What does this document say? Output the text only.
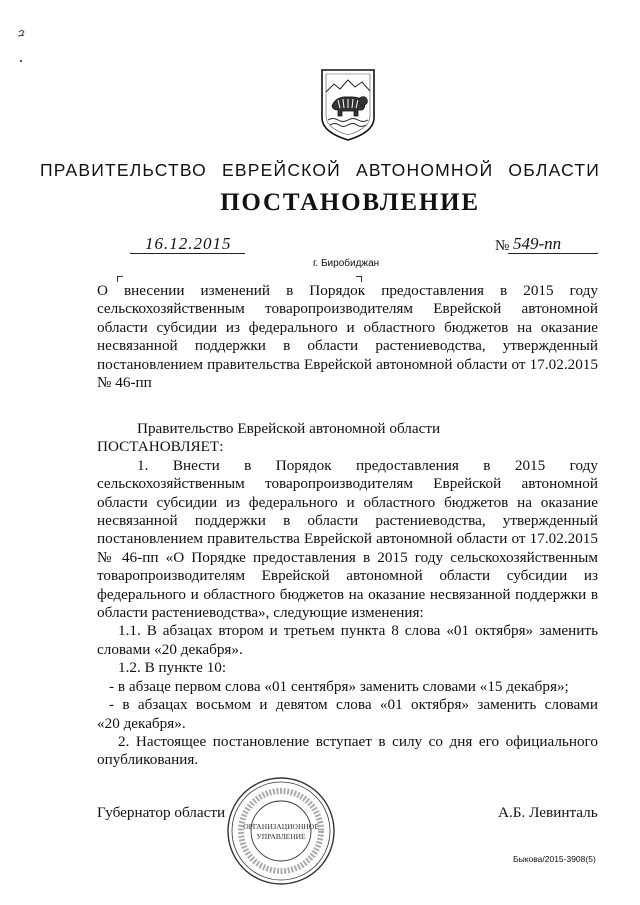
ПРАВИТЕЛЬСТВО ЕВРЕЙСКОЙ АВТОНОМНОЙ ОБЛАСТИ
ПОСТАНОВЛЕНИЕ
16.12.2015	№ 549-пп
г. Биробиджан
О внесении изменений в Порядок предоставления в 2015 году
сельскохозяйственным товаропроизводителям Еврейской автономной
области субсидии из федерального и областного бюджетов на оказание
несвязанной поддержки в области растениеводства, утвержденный
постановлением правительства Еврейской автономной области от 17.02.2015
№ 46-пп

Правительство Еврейской автономной области

ПОСТАНОВЛЯЕТ:

1. Внести в Порядок предоставления в 2015 году

сельскохозяйственным товаропроизводителям Еврейской автономной

области субсидии из федерального и областного бюджетов на оказание

несвязанной поддержки в области растениеводства, утвержденный

постановлением правительства Еврейской автономной области от 17.02.2015

№ 46-пп «О Порядке предоставления в 2015 году сельскохозяйственным

товаропроизводителям Еврейской автономной области субсидии из

федерального и областного бюджетов на оказание несвязанной поддержки в

области растениеводства», следующие изменения:

1.1. В абзацах втором и третьем пункта 8 слова «01 октября» заменить

словами «20 декабря».

1.2. В пункте 10:

- в абзаце первом слова «01 сентября» заменить словами «15 декабря»;

- в абзацах восьмом и девятом слова «01 октября» заменить словами

«20 декабря».

2. Настоящее постановление вступает в силу со дня его официального

опубликования.

Губернатор области	А.Б. Левинталь
ОРГАНИЗАЦИОННОЕ
УПРАВЛЕНИЕ
Быкова/2015-3908(5)
